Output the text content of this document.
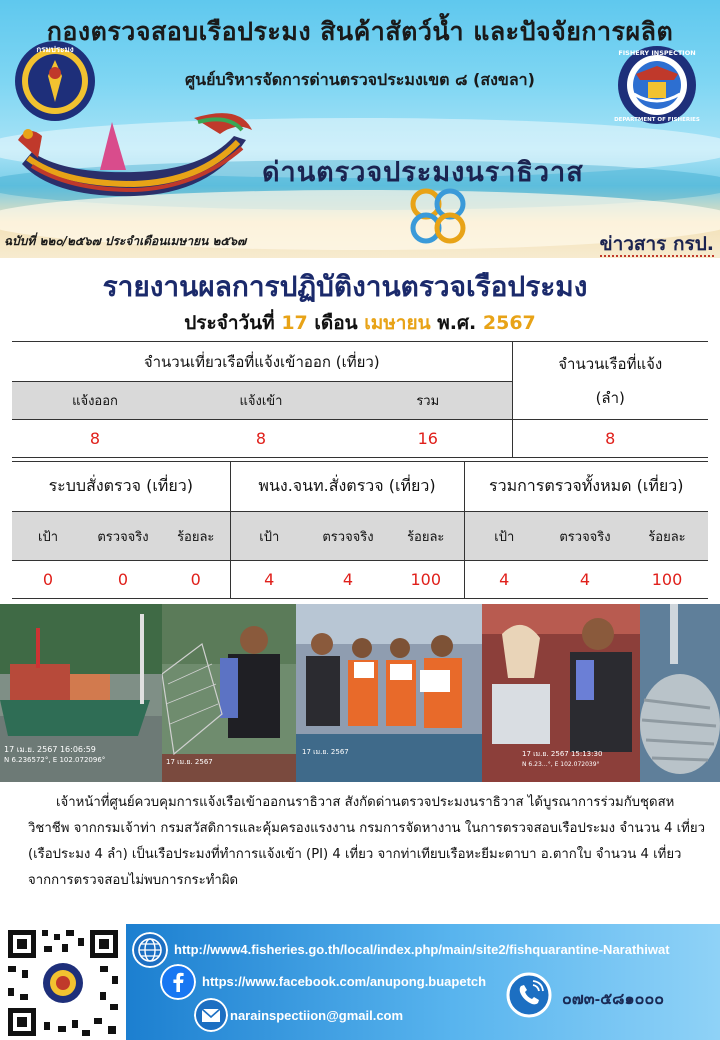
กองตรวจสอบเรือประมง สินค้าสัตว์น้ำ และปัจจัยการผลิต
ศูนย์บริหารจัดการด่านตรวจประมงเขต ๘ (สงขลา)
กรมประมง	FISHERY INSPECTION
DEPARTMENT OF FISHERIES
ด่านตรวจประมงนราธิวาส
ฉบับที่ ๒๒๐/๒๕๖๗ ประจำเดือนเมษายน ๒๕๖๗	ข่าวสาร กรป.
รายงานผลการปฏิบัติงานตรวจเรือประมง
ประจำวันที่ 17 เดือน เมษายน พ.ศ. 2567
จำนวนเที่ยวเรือที่แจ้งเข้าออก (เที่ยว)			จำนวนเรือที่แจ้ง
(ลำ)

แจ้งออก	แจ้งเข้า	รวม	
8	8	16	8
ระบบสั่งตรวจ (เที่ยว)			พนง.จนท.สั่งตรวจ (เที่ยว)			รวมการตรวจทั้งหมด (เที่ยว)		
เป้า	ตรวจจริง	ร้อยละ	เป้า	ตรวจจริง	ร้อยละ	เป้า	ตรวจจริง	ร้อยละ
0	0	0	4	4	100	4	4	100
17 เม.ย. 2567 16:06:59
N 6.236572°, E 102.072096°	17 เม.ย. 2567
17 เม.ย. 2567	17 เม.ย. 2567 15:13:30
N 6.23…°, E 102.072039°
เจ้าหน้าที่ศูนย์ควบคุมการแจ้งเรือเข้าออกนราธิวาส สังกัดด่านตรวจประมงนราธิวาส ได้บูรณาการร่วมกับชุดสหวิชาชีพ จากกรมเจ้าท่า กรมสวัสดิการและคุ้มครองแรงงาน กรมการจัดหางาน ในการตรวจสอบเรือประมง จำนวน 4 เที่ยว (เรือประมง 4 ลำ) เป็นเรือประมงที่ทำการแจ้งเข้า (PI) 4 เที่ยว จากท่าเทียบเรือหะยีมะตาบา อ.ตากใบ จำนวน 4 เที่ยว จากการตรวจสอบไม่พบการกระทำผิด
http://www4.fisheries.go.th/local/index.php/main/site2/fishquarantine-Narathiwat
https://www.facebook.com/anupong.buapetch
narainspectiion@gmail.com
๐๗๓-๕๘๑๐๐๐
